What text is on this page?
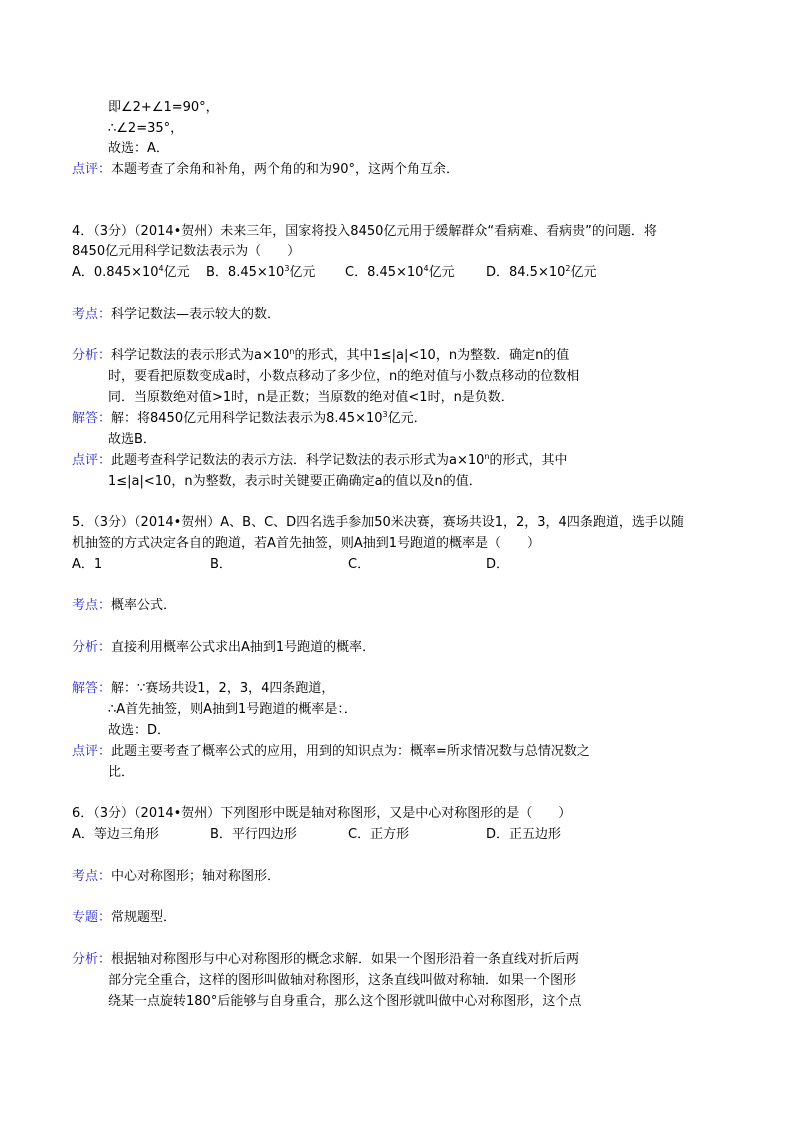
即∠2+∠1=90°，
∴∠2=35°，
故选：A．
点评：本题考查了余角和补角，两个角的和为90°，这两个角互余．
4．（3分）（2014•贺州）未来三年，国家将投入8450亿元用于缓解群众“看病难、看病贵”的问题．将
8450亿元用科学记数法表示为（　　）
A．$0.845\times 10^4$亿元 B．$8.45\times 10^3$亿元 C．$8.45\times 10^4$亿元 D．$84.5\times 10^2$亿元
考点：科学记数法—表示较大的数．
分析：科学记数法的表示形式为$a\times 10^n$的形式，其中1≤|a|<10，n为整数．确定n的值
时，要看把原数变成a时，小数点移动了多少位，n的绝对值与小数点移动的位数相
同．当原数绝对值>1时，n是正数；当原数的绝对值<1时，n是负数．
解答：解：将8450亿元用科学记数法表示为$8.45\times 10^3$亿元．
故选B．
点评：此题考查科学记数法的表示方法．科学记数法的表示形式为$a\times 10^n$的形式，其中
1≤|a|<10，n为整数，表示时关键要正确确定a的值以及n的值．
5．（3分）（2014•贺州）A、B、C、D四名选手参加50米决赛，赛场共设1，2，3，4四条跑道，选手以随
机抽签的方式决定各自的跑道，若A首先抽签，则A抽到1号跑道的概率是（　　）
A．1	B．	C．	D．
考点：概率公式．
分析：直接利用概率公式求出A抽到1号跑道的概率．
解答：解：∵赛场共设1，2，3，4四条跑道，
∴A首先抽签，则A抽到1号跑道的概率是：．
故选：D．
点评：此题主要考查了概率公式的应用，用到的知识点为：概率=所求情况数与总情况数之
比．
6．（3分）（2014•贺州）下列图形中既是轴对称图形，又是中心对称图形的是（　　）
A．等边三角形	B．平行四边形	C．正方形	D．正五边形
考点：中心对称图形；轴对称图形．
专题：常规题型．
分析：根据轴对称图形与中心对称图形的概念求解．如果一个图形沿着一条直线对折后两
部分完全重合，这样的图形叫做轴对称图形，这条直线叫做对称轴．如果一个图形
绕某一点旋转180°后能够与自身重合，那么这个图形就叫做中心对称图形，这个点
